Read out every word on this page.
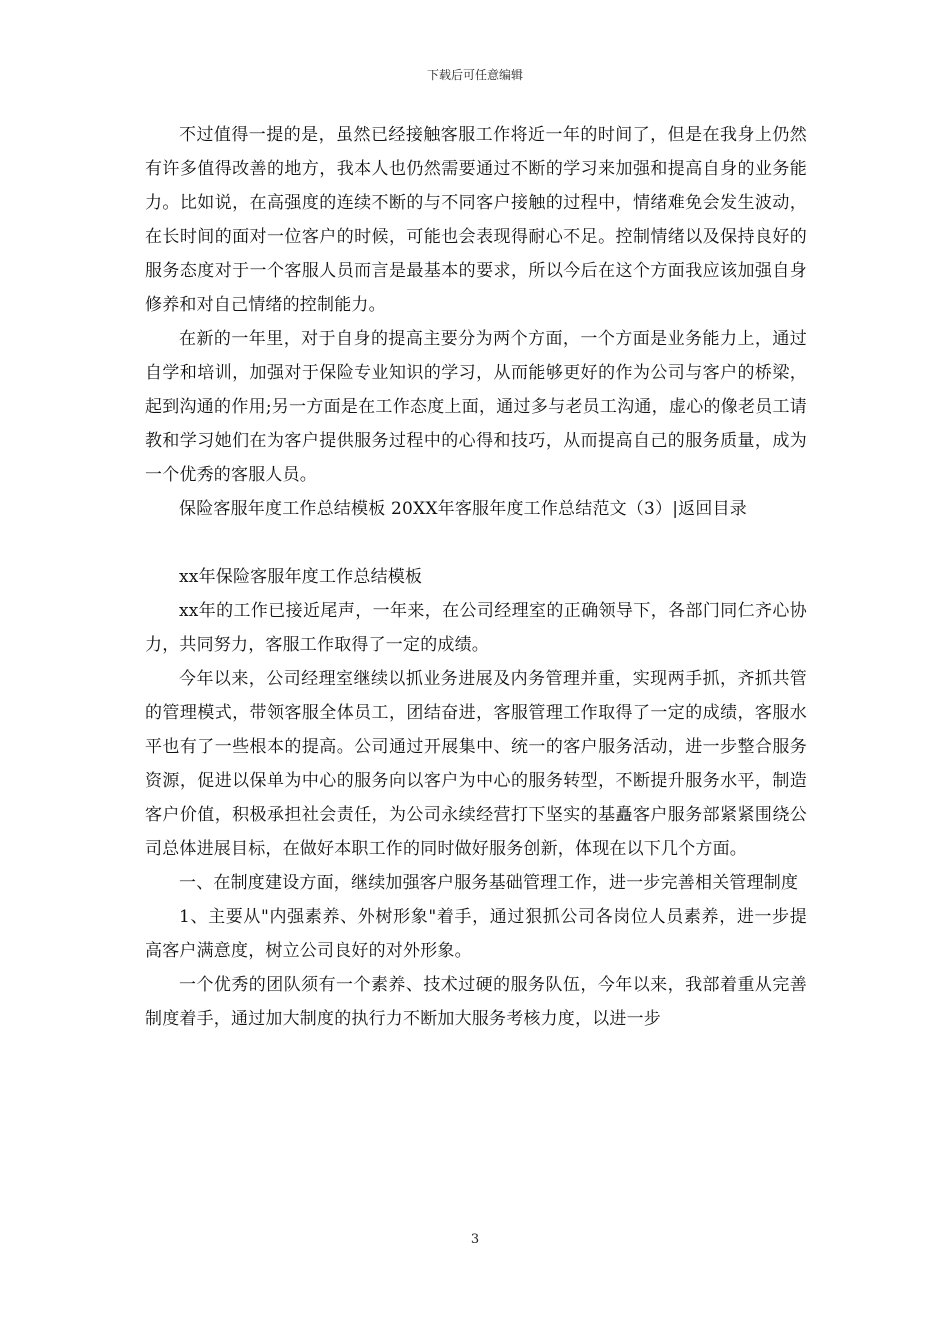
下载后可任意编辑

不过值得一提的是，虽然已经接触客服工作将近一年的时间了，但是在我身上仍然有许多值得改善的地方，我本人也仍然需要通过不断的学习来加强和提高自身的业务能力。比如说，在高强度的连续不断的与不同客户接触的过程中，情绪难免会发生波动，在长时间的面对一位客户的时候，可能也会表现得耐心不足。控制情绪以及保持良好的服务态度对于一个客服人员而言是最基本的要求，所以今后在这个方面我应该加强自身修养和对自己情绪的控制能力。

在新的一年里，对于自身的提高主要分为两个方面，一个方面是业务能力上，通过自学和培训，加强对于保险专业知识的学习，从而能够更好的作为公司与客户的桥梁，起到沟通的作用;另一方面是在工作态度上面，通过多与老员工沟通，虚心的像老员工请教和学习她们在为客户提供服务过程中的心得和技巧，从而提高自己的服务质量，成为一个优秀的客服人员。

保险客服年度工作总结模板 20XX年客服年度工作总结范文（3）|返回目录

xx年保险客服年度工作总结模板

xx年的工作已接近尾声，一年来，在公司经理室的正确领导下，各部门同仁齐心协力，共同努力，客服工作取得了一定的成绩。

今年以来，公司经理室继续以抓业务进展及内务管理并重，实现两手抓，齐抓共管的管理模式，带领客服全体员工，团结奋进，客服管理工作取得了一定的成绩，客服水平也有了一些根本的提高。公司通过开展集中、统一的客户服务活动，进一步整合服务资源，促进以保单为中心的服务向以客户为中心的服务转型，不断提升服务水平，制造客户价值，积极承担社会责任，为公司永续经营打下坚实的基矗客户服务部紧紧围绕公司总体进展目标，在做好本职工作的同时做好服务创新，体现在以下几个方面。

一、在制度建设方面，继续加强客户服务基础管理工作，进一步完善相关管理制度

1、主要从"内强素养、外树形象"着手，通过狠抓公司各岗位人员素养，进一步提高客户满意度，树立公司良好的对外形象。

一个优秀的团队须有一个素养、技术过硬的服务队伍，今年以来，我部着重从完善制度着手，通过加大制度的执行力不断加大服务考核力度，以进一步

3
